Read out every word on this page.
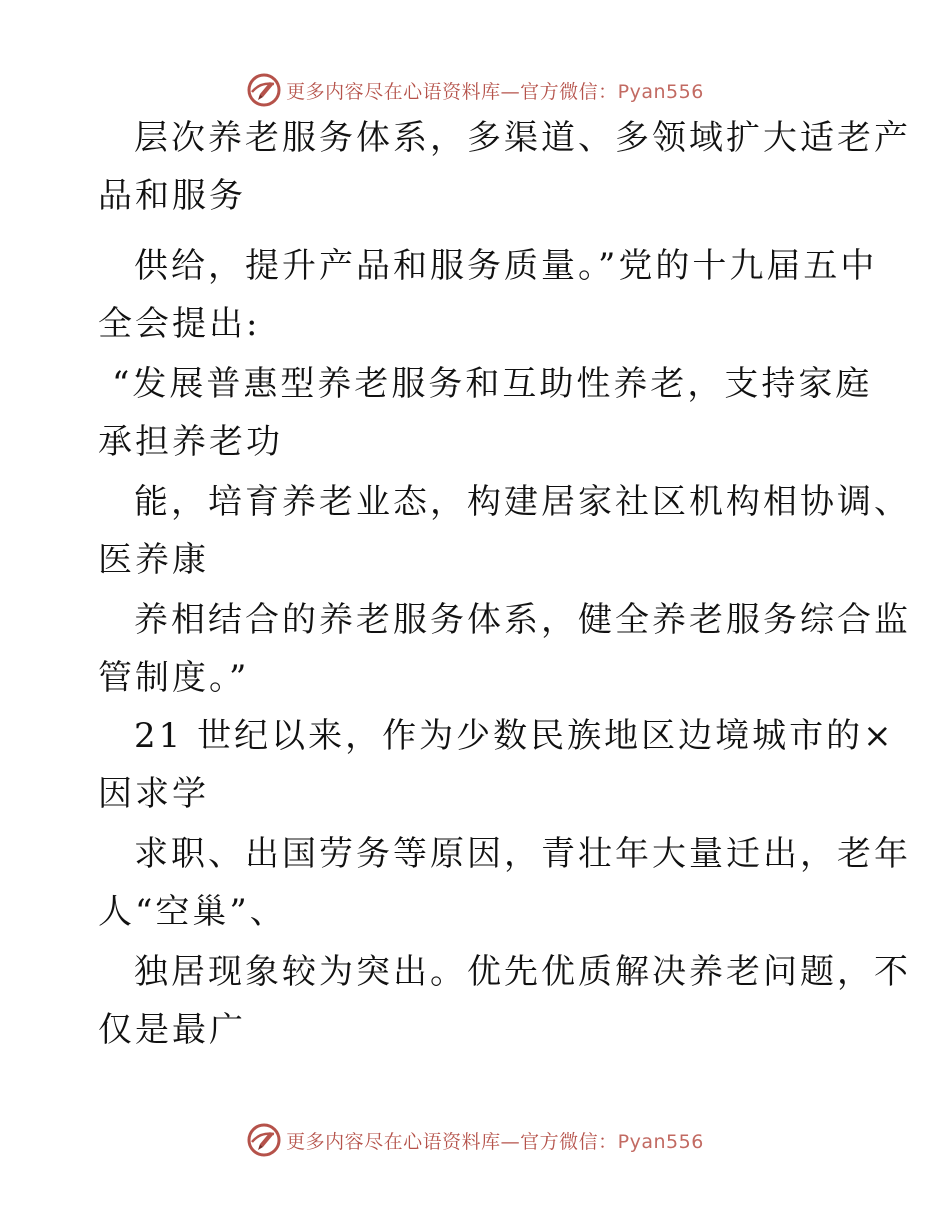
更多内容尽在心语资料库—官方微信：Pyan556
层次养老服务体系，多渠道、多领域扩大适老产
品和服务
供给，提升产品和服务质量。”党的十九届五中
全会提出:
“发展普惠型养老服务和互助性养老，支持家庭
承担养老功
能，培育养老业态，构建居家社区机构相协调、
医养康
养相结合的养老服务体系，健全养老服务综合监
管制度。”
21 世纪以来，作为少数民族地区边境城市的×
因求学
求职、出国劳务等原因，青壮年大量迁出，老年
人“空巢”、
独居现象较为突出。优先优质解决养老问题，不
仅是最广
更多内容尽在心语资料库—官方微信：Pyan556
